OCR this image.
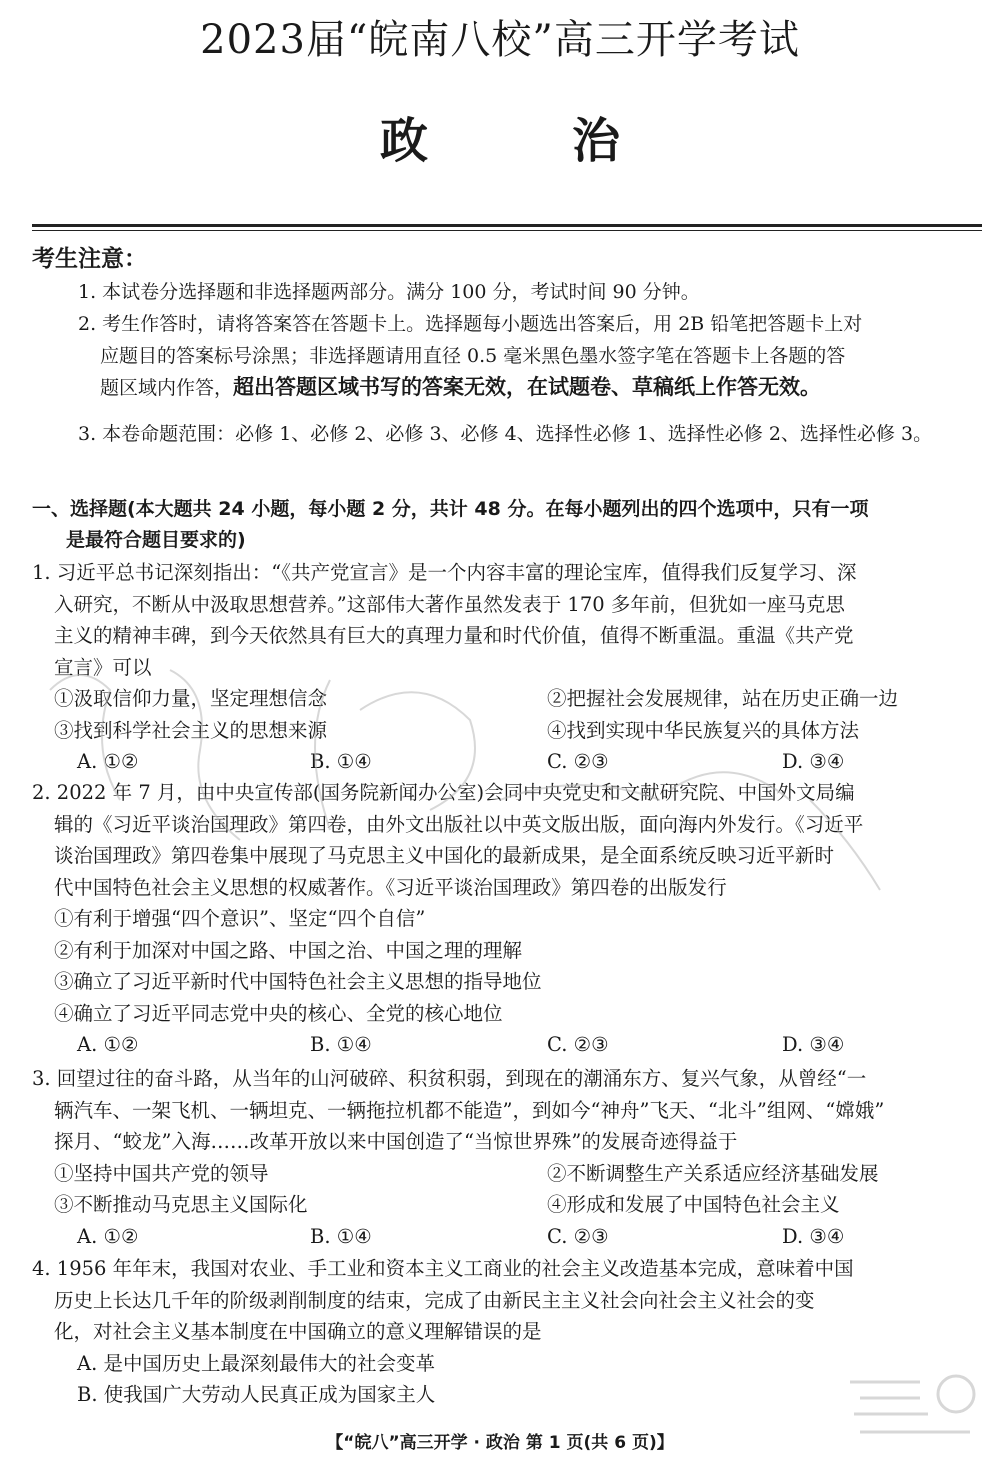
2023届“皖南八校”高三开学考试
政	治
考生注意：

1. 本试卷分选择题和非选择题两部分。满分 100 分，考试时间 90 分钟。

2. 考生作答时，请将答案答在答题卡上。选择题每小题选出答案后，用 2B 铅笔把答题卡上对
应题目的答案标号涂黑；非选择题请用直径 0.5 毫米黑色墨水签字笔在答题卡上各题的答
题区域内作答，超出答题区域书写的答案无效，在试题卷、草稿纸上作答无效。

3. 本卷命题范围：必修 1、必修 2、必修 3、必修 4、选择性必修 1、选择性必修 2、选择性必修 3。

一、选择题(本大题共 24 小题，每小题 2 分，共计 48 分。在每小题列出的四个选项中，只有一项
是最符合题目要求的)
1. 习近平总书记深刻指出：“《共产党宣言》是一个内容丰富的理论宝库，值得我们反复学习、深
入研究，不断从中汲取思想营养。”这部伟大著作虽然发表于 170 多年前，但犹如一座马克思
主义的精神丰碑，到今天依然具有巨大的真理力量和时代价值，值得不断重温。重温《共产党
宣言》可以
①汲取信仰力量，坚定理想信念	②把握社会发展规律，站在历史正确一边
③找到科学社会主义的思想来源	④找到实现中华民族复兴的具体方法
A. ①②	B. ①④	C. ②③	D. ③④
2. 2022 年 7 月，由中央宣传部(国务院新闻办公室)会同中央党史和文献研究院、中国外文局编
辑的《习近平谈治国理政》第四卷，由外文出版社以中英文版出版，面向海内外发行。《习近平
谈治国理政》第四卷集中展现了马克思主义中国化的最新成果，是全面系统反映习近平新时
代中国特色社会主义思想的权威著作。《习近平谈治国理政》第四卷的出版发行
①有利于增强“四个意识”、坚定“四个自信”
②有利于加深对中国之路、中国之治、中国之理的理解
③确立了习近平新时代中国特色社会主义思想的指导地位
④确立了习近平同志党中央的核心、全党的核心地位
A. ①②	B. ①④	C. ②③	D. ③④
3. 回望过往的奋斗路，从当年的山河破碎、积贫积弱，到现在的潮涌东方、复兴气象，从曾经“一
辆汽车、一架飞机、一辆坦克、一辆拖拉机都不能造”，到如今“神舟”飞天、“北斗”组网、“嫦娥”
探月、“蛟龙”入海……改革开放以来中国创造了“当惊世界殊”的发展奇迹得益于
①坚持中国共产党的领导	②不断调整生产关系适应经济基础发展
③不断推动马克思主义国际化	④形成和发展了中国特色社会主义
A. ①②	B. ①④	C. ②③	D. ③④
4. 1956 年年末，我国对农业、手工业和资本主义工商业的社会主义改造基本完成，意味着中国
历史上长达几千年的阶级剥削制度的结束，完成了由新民主主义社会向社会主义社会的变
化，对社会主义基本制度在中国确立的意义理解错误的是
A. 是中国历史上最深刻最伟大的社会变革
B. 使我国广大劳动人民真正成为国家主人
【“皖八”高三开学 · 政治 第 1 页(共 6 页)】
